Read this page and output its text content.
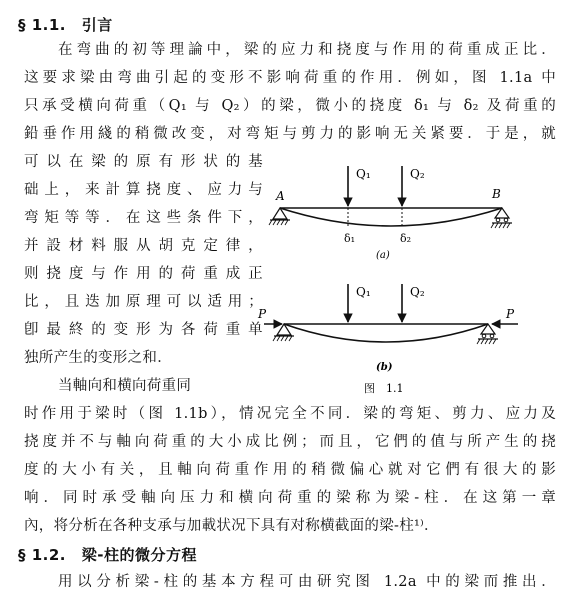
§ 1.1. 引言
在弯曲的初等理論中，梁的应力和挠度与作用的荷重成正比．
这要求梁由弯曲引起的变形不影响荷重的作用．例如，图 1.1a 中
只承受横向荷重（Q₁ 与 Q₂）的梁，微小的挠度 δ₁ 与 δ₂ 及荷重的
鉛垂作用綫的稍微改变，对弯矩与剪力的影响无关紧要．于是，就
可以在梁的原有形状的基
础上，来計算挠度、应力与
弯矩等等．在这些条件下，
并設材料服从胡克定律，
则挠度与作用的荷重成正
比，且迭加原理可以适用；
卽最終的变形为各荷重单
独所产生的变形之和．
当軸向和横向荷重同
时作用于梁时（图 1.1b），情况完全不同．梁的弯矩、剪力、应力及
挠度并不与軸向荷重的大小成比例；而且，它們的值与所产生的挠
度的大小有关，且軸向荷重作用的稍微偏心就对它們有很大的影
响．同时承受軸向压力和横向荷重的梁称为梁-柱．在这第一章
內，将分析在各种支承与加載状况下具有对称横截面的梁-柱¹⁾．
§ 1.2. 梁-柱的微分方程
用以分析梁-柱的基本方程可由研究图 1.2a 中的梁而推出．
Q₁	Q₂
A	B
δ₁	δ₂
(a)
Q₁	Q₂
P	P
(b)
图　1.1
